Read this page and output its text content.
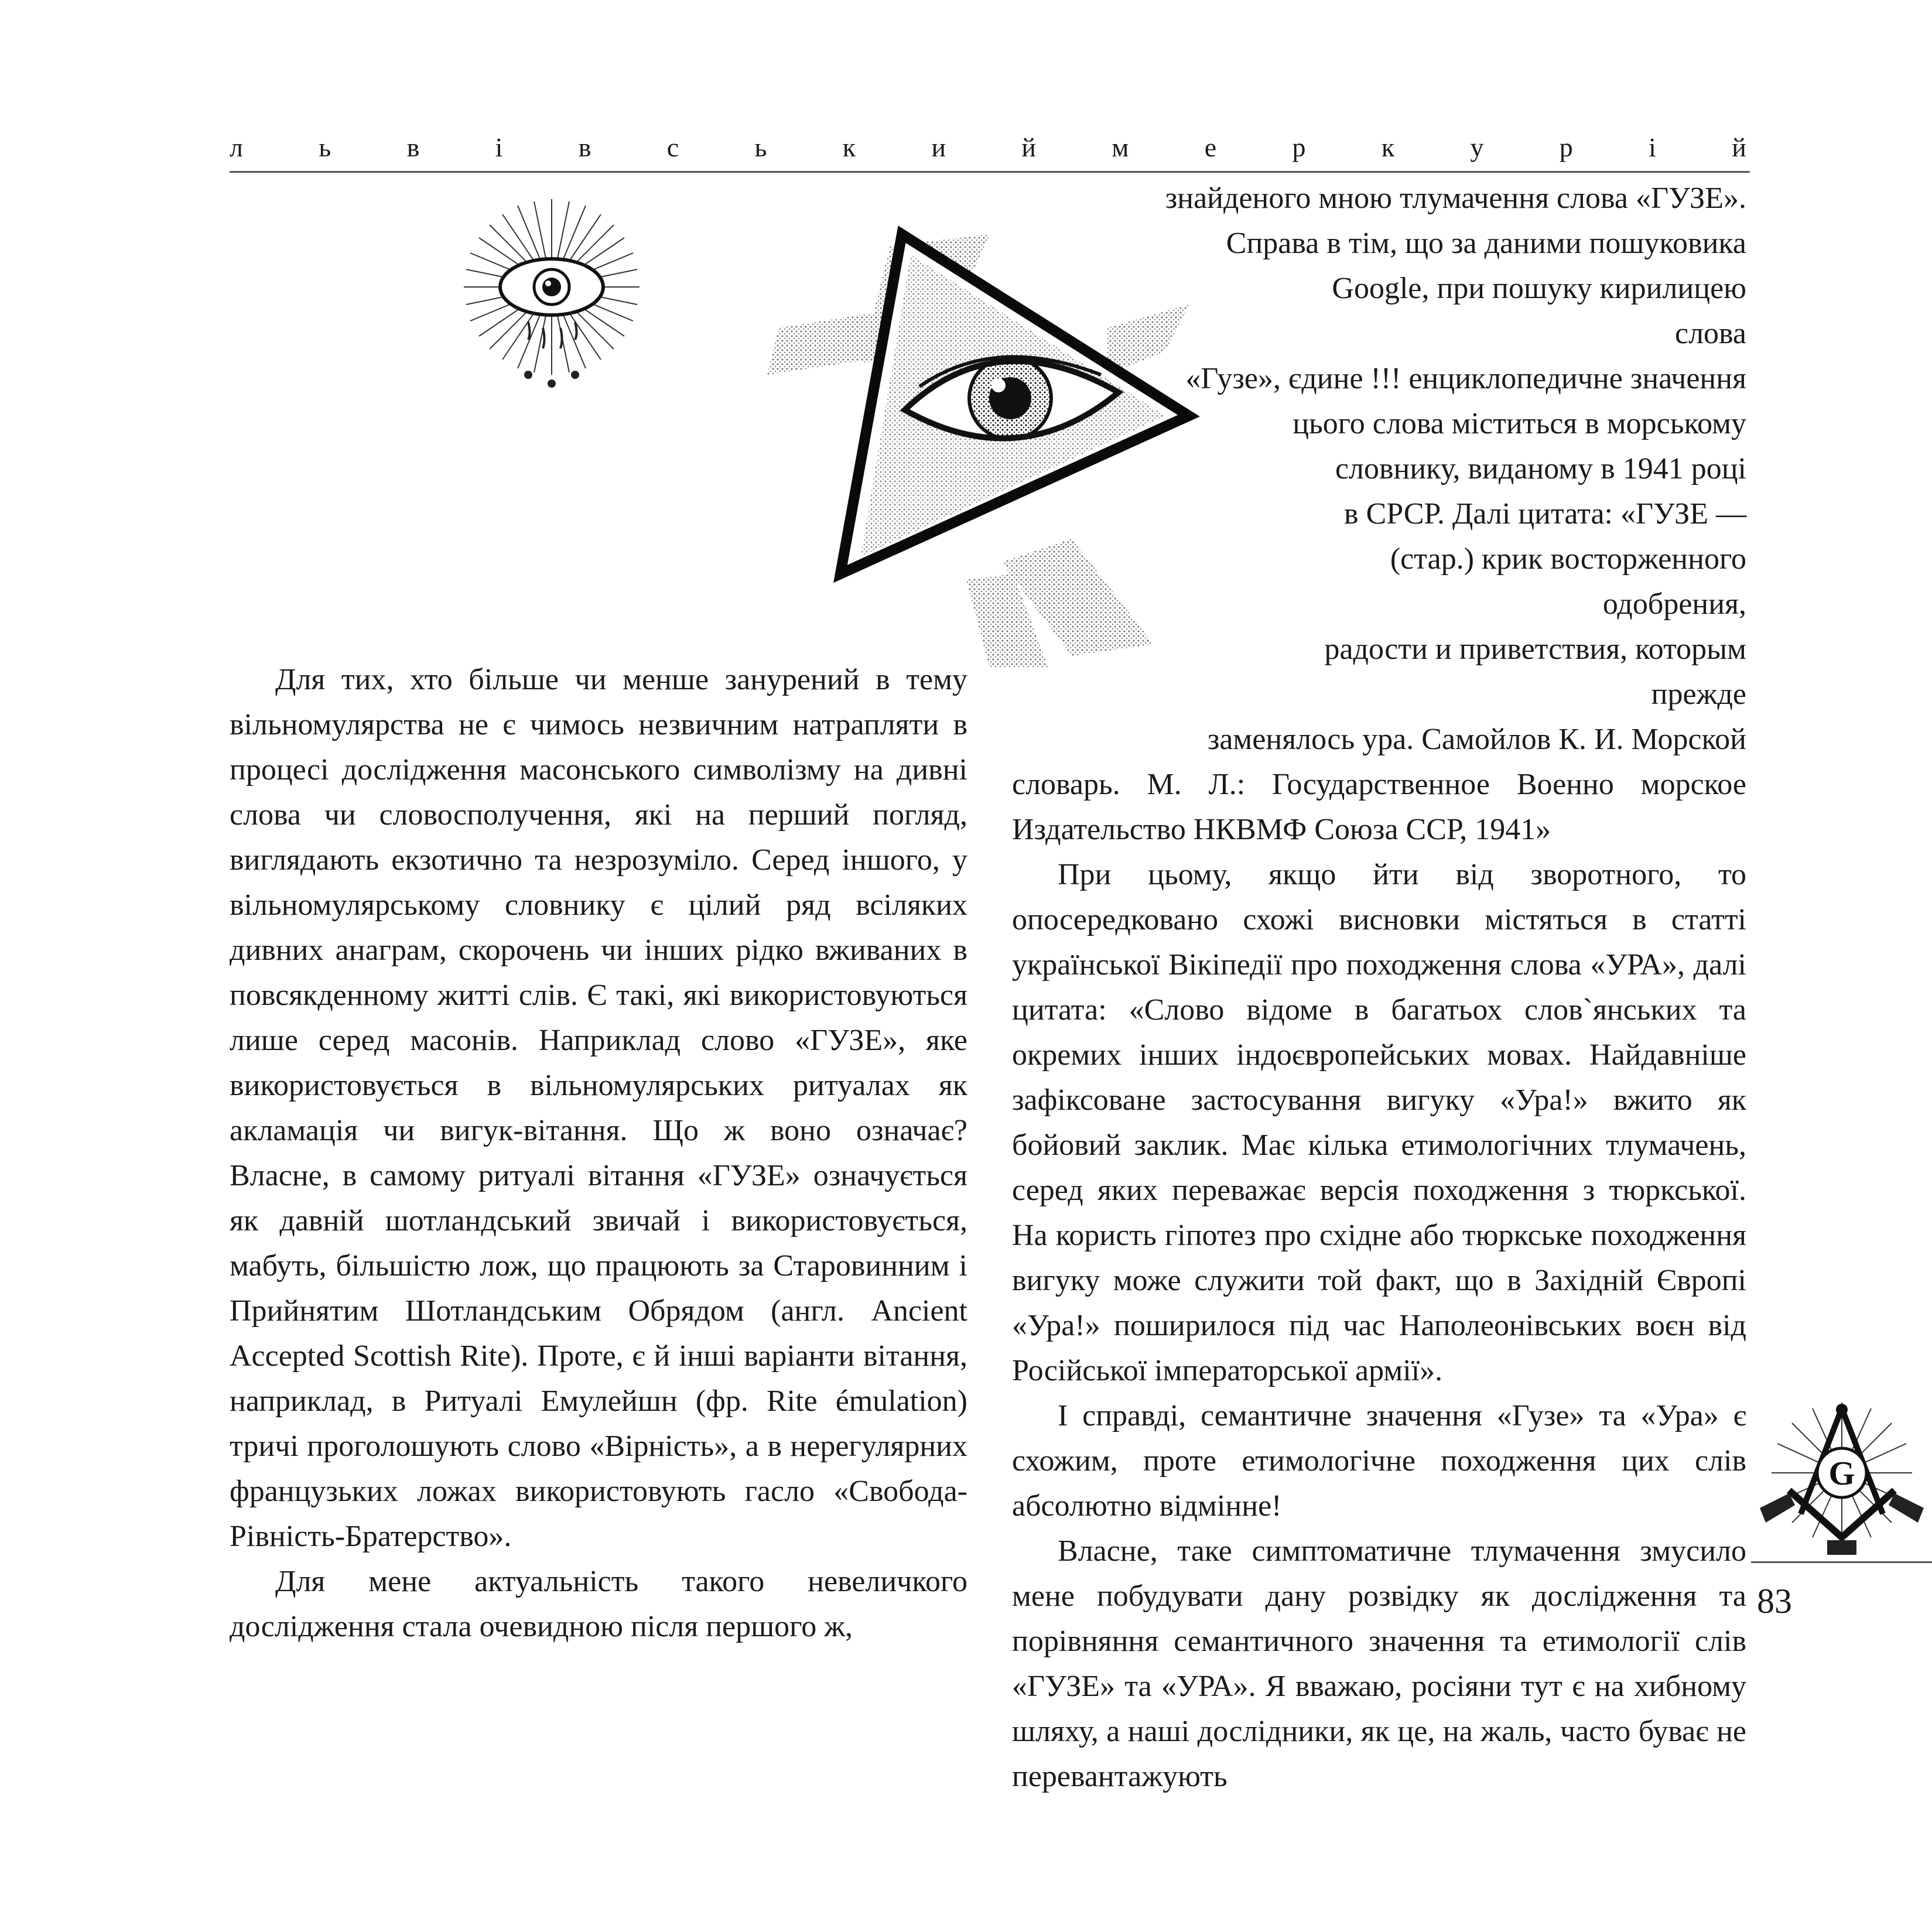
л	ь	в	і	в	с	ь	к	и	й	м	е	р	к	у	р	і	й

Для тих, хто більше чи менше занурений в тему вільномулярства не є чимось незвичним натрапляти в процесі дослідження масонського символізму на дивні слова чи словосполучення, які на перший погляд, виглядають екзотично та незрозуміло. Серед іншого, у вільномулярському словнику є цілий ряд всіляких дивних анаграм, скорочень чи інших рідко вживаних в повсякденному житті слів. Є такі, які використовуються лише серед масонів. Наприклад слово «ГУЗЕ», яке використовується в вільномулярських ритуалах як акламація чи вигук-вітання. Що ж воно означає? Власне, в самому ритуалі вітання «ГУЗЕ» означується як давній шотландський звичай і використовується, мабуть, більшістю лож, що працюють за Старовинним і Прийнятим Шотландським Обрядом (англ. Ancient Accepted Scottish Rite). Проте, є й інші варіанти вітання, наприклад, в Ритуалі Емулейшн (фр. Rite émulation) тричі проголошують слово «Вірність», а в нерегулярних французьких ложах використовують гасло «Свобода-Рівність-Братерство».

Для мене актуальність такого невеличкого дослідження стала очевидною після першого ж,

знайденого мною тлумачення слова «ГУЗЕ».
Справа в тім, що за даними пошуковика
Google, при пошуку кирилицею слова
«Гузе», єдине !!! енциклопедичне значення
цього слова міститься в морському
словнику, виданому в 1941 році
в СРСР. Далі цитата: «ГУЗЕ —
(стар.) крик восторженного одобрения,
радости и приветствия, которым прежде
заменялось ура. Самойлов К. И. Морской

словарь. М. Л.: Государственное Военно морское Издательство НКВМФ Союза ССР, 1941»

При цьому, якщо йти від зворотного, то опосередковано схожі висновки містяться в статті української Вікіпедії про походження слова «УРА», далі цитата: «Слово відоме в багатьох слов`янських та окремих інших індоєвропейських мовах. Найдавніше зафіксоване застосування вигуку «Ура!» вжито як бойовий заклик. Має кілька етимологічних тлумачень, серед яких переважає версія походження з тюркської. На користь гіпотез про східне або тюркське походження вигуку може служити той факт, що в Західній Європі «Ура!» поширилося під час Наполеонівських воєн від Російської імператорської армії».

І справді, семантичне значення «Гузе» та «Ура» є схожим, проте етимологічне походження цих слів абсолютно відмінне!

Власне, таке симптоматичне тлумачення змусило мене побудувати дану розвідку як дослідження та порівняння семантичного значення та етимології слів «ГУЗЕ» та «УРА». Я вважаю, росіяни тут є на хибному шляху, а наші дослідники, як це, на жаль, часто буває не перевантажують

G
83
